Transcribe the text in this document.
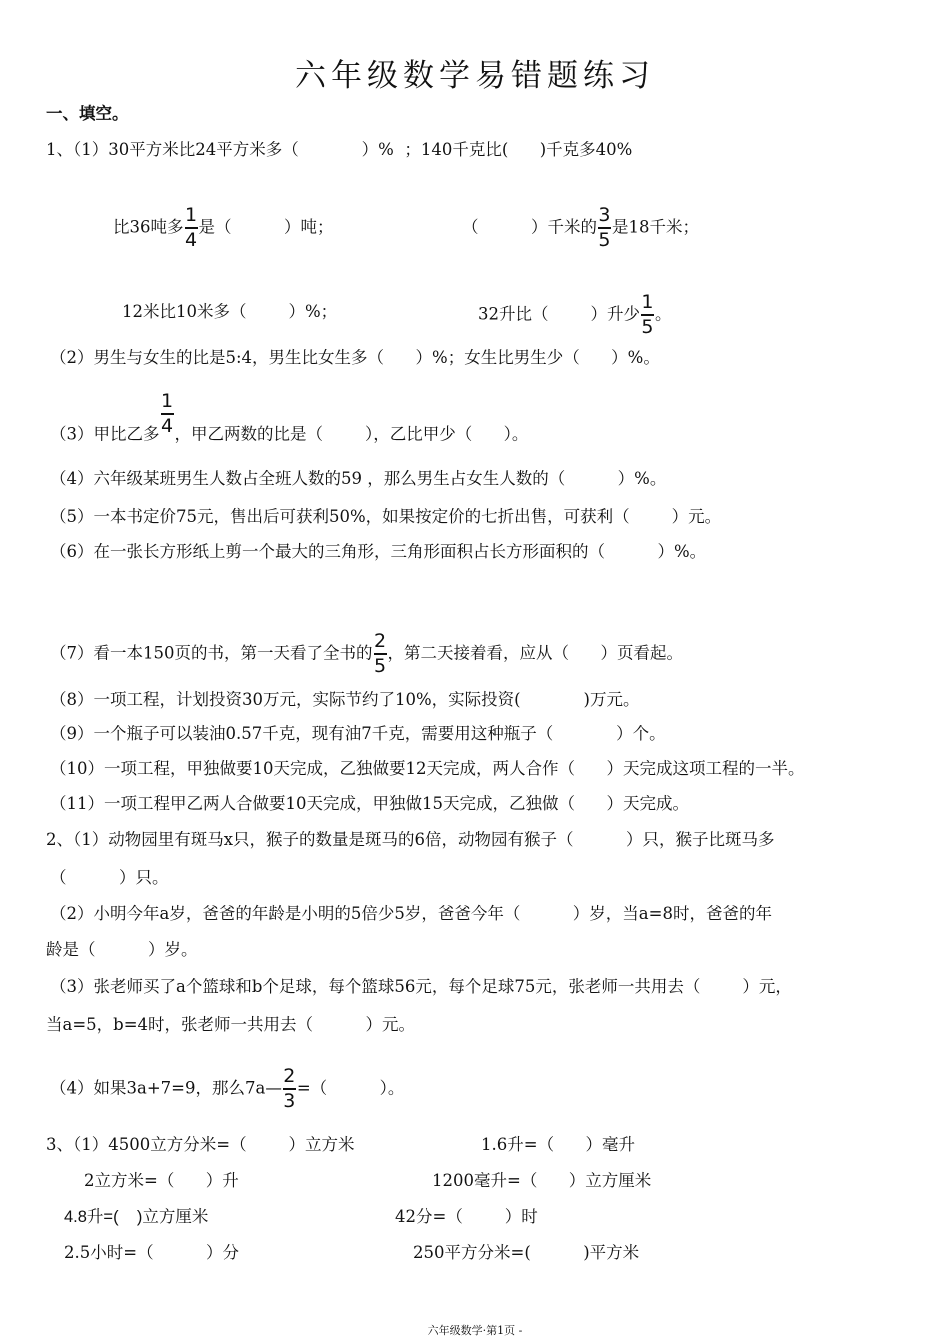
六年级数学易错题练习
一、填空。
1、（1）30平方米比24平方米多（            ）%  ；140千克比(      )千克多40%
比36吨多 $\frac{1}{4}$ 是（          ）吨；	（          ）千米的 $\frac{3}{5}$ 是18千米；
12米比10米多（        ）%；	32升比（        ）升少 $\frac{1}{5}$ 。
（2）男生与女生的比是5:4，男生比女生多（      ）%；女生比男生少（      ）%。
（3）甲比乙多 $\frac{1}{4}$ ，甲乙两数的比是（        ），乙比甲少（      ）。
（4）六年级某班男生人数占全班人数的59 ，那么男生占女生人数的（          ）%。
（5）一本书定价75元，售出后可获利50%，如果按定价的七折出售，可获利（        ）元。
（6）在一张长方形纸上剪一个最大的三角形，三角形面积占长方形面积的（          ）%。
（7）看一本150页的书，第一天看了全书的 $\frac{2}{5}$ ，第二天接着看，应从（      ）页看起。
（8）一项工程，计划投资30万元，实际节约了10%，实际投资(            )万元。
（9）一个瓶子可以装油0.57千克，现有油7千克，需要用这种瓶子（            ）个。
（10）一项工程，甲独做要10天完成，乙独做要12天完成，两人合作（      ）天完成这项工程的一半。
（11）一项工程甲乙两人合做要10天完成，甲独做15天完成，乙独做（      ）天完成。
2、（1）动物园里有斑马x只，猴子的数量是斑马的6倍，动物园有猴子（          ）只，猴子比斑马多
（          ）只。
（2）小明今年a岁，爸爸的年龄是小明的5倍少5岁，爸爸今年（          ）岁，当a=8时，爸爸的年
龄是（          ）岁。
（3）张老师买了a个篮球和b个足球，每个篮球56元，每个足球75元，张老师一共用去（        ）元，
当a=5，b=4时，张老师一共用去（          ）元。
（4）如果3a+7=9，那么7a— $\frac{2}{3}$ =（          ）。
3、（1）4500立方分米=（        ）立方米	1.6升=（      ）毫升
2立方米=（      ）升	1200毫升=（      ）立方厘米
4.8升=(    )立方厘米	42分=（        ）时
2.5小时=（          ）分	250平方分米=(          )平方米
六年级数学·第1页 -
